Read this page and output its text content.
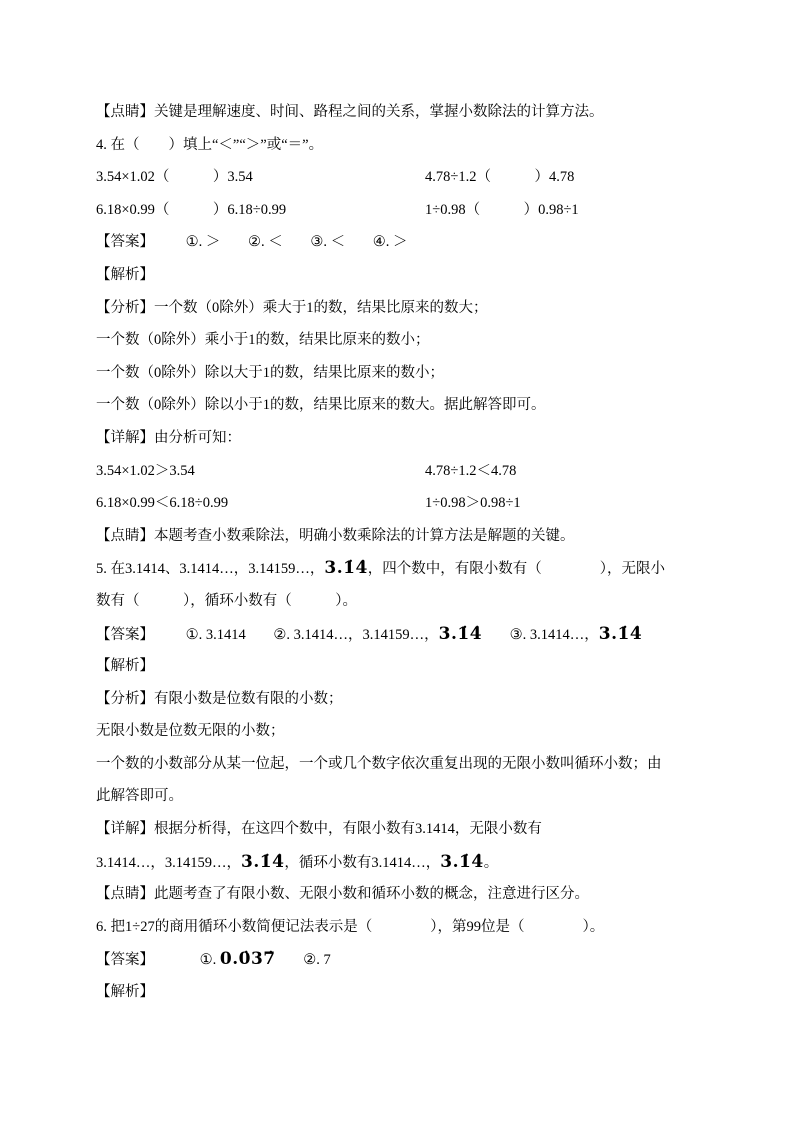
【点睛】关键是理解速度、时间、路程之间的关系，掌握小数除法的计算方法。
4. 在（　　）填上“＜”“＞”或“＝”。
3.54×1.02（　　　）3.54	4.78÷1.2（　　　）4.78
6.18×0.99（　　　）6.18÷0.99	1÷0.98（　　　）0.98÷1
【答案】 ①. ＞ ②. ＜ ③. ＜ ④. ＞
【解析】
【分析】一个数（0除外）乘大于1的数，结果比原来的数大；
一个数（0除外）乘小于1的数，结果比原来的数小；
一个数（0除外）除以大于1的数，结果比原来的数小；
一个数（0除外）除以小于1的数，结果比原来的数大。据此解答即可。
【详解】由分析可知：
3.54×1.02＞3.54	4.78÷1.2＜4.78
6.18×0.99＜6.18÷0.99	1÷0.98＞0.98÷1
【点睛】本题考查小数乘除法，明确小数乘除法的计算方法是解题的关键。
5. 在3.1414、3.1414…，3.14159…，3.1̇4̇，四个数中，有限小数有（　　　　），无限小
数有（　　　），循环小数有（　　　）。
【答案】 ①. 3.1414 ②. 3.1414…，3.14159…，3.1̇4̇ ③. 3.1414…，3.1̇4̇
【解析】
【分析】有限小数是位数有限的小数；
无限小数是位数无限的小数；
一个数的小数部分从某一位起，一个或几个数字依次重复出现的无限小数叫循环小数；由
此解答即可。
【详解】根据分析得，在这四个数中，有限小数有3.1414，无限小数有
3.1414…，3.14159…，3.1̇4̇，循环小数有3.1414…，3.1̇4̇。
【点睛】此题考查了有限小数、无限小数和循环小数的概念，注意进行区分。
6. 把1÷27的商用循环小数简便记法表示是（　　　　），第99位是（　　　　）。
【答案】	①. 0.0̇37̇ ②. 7
【解析】
